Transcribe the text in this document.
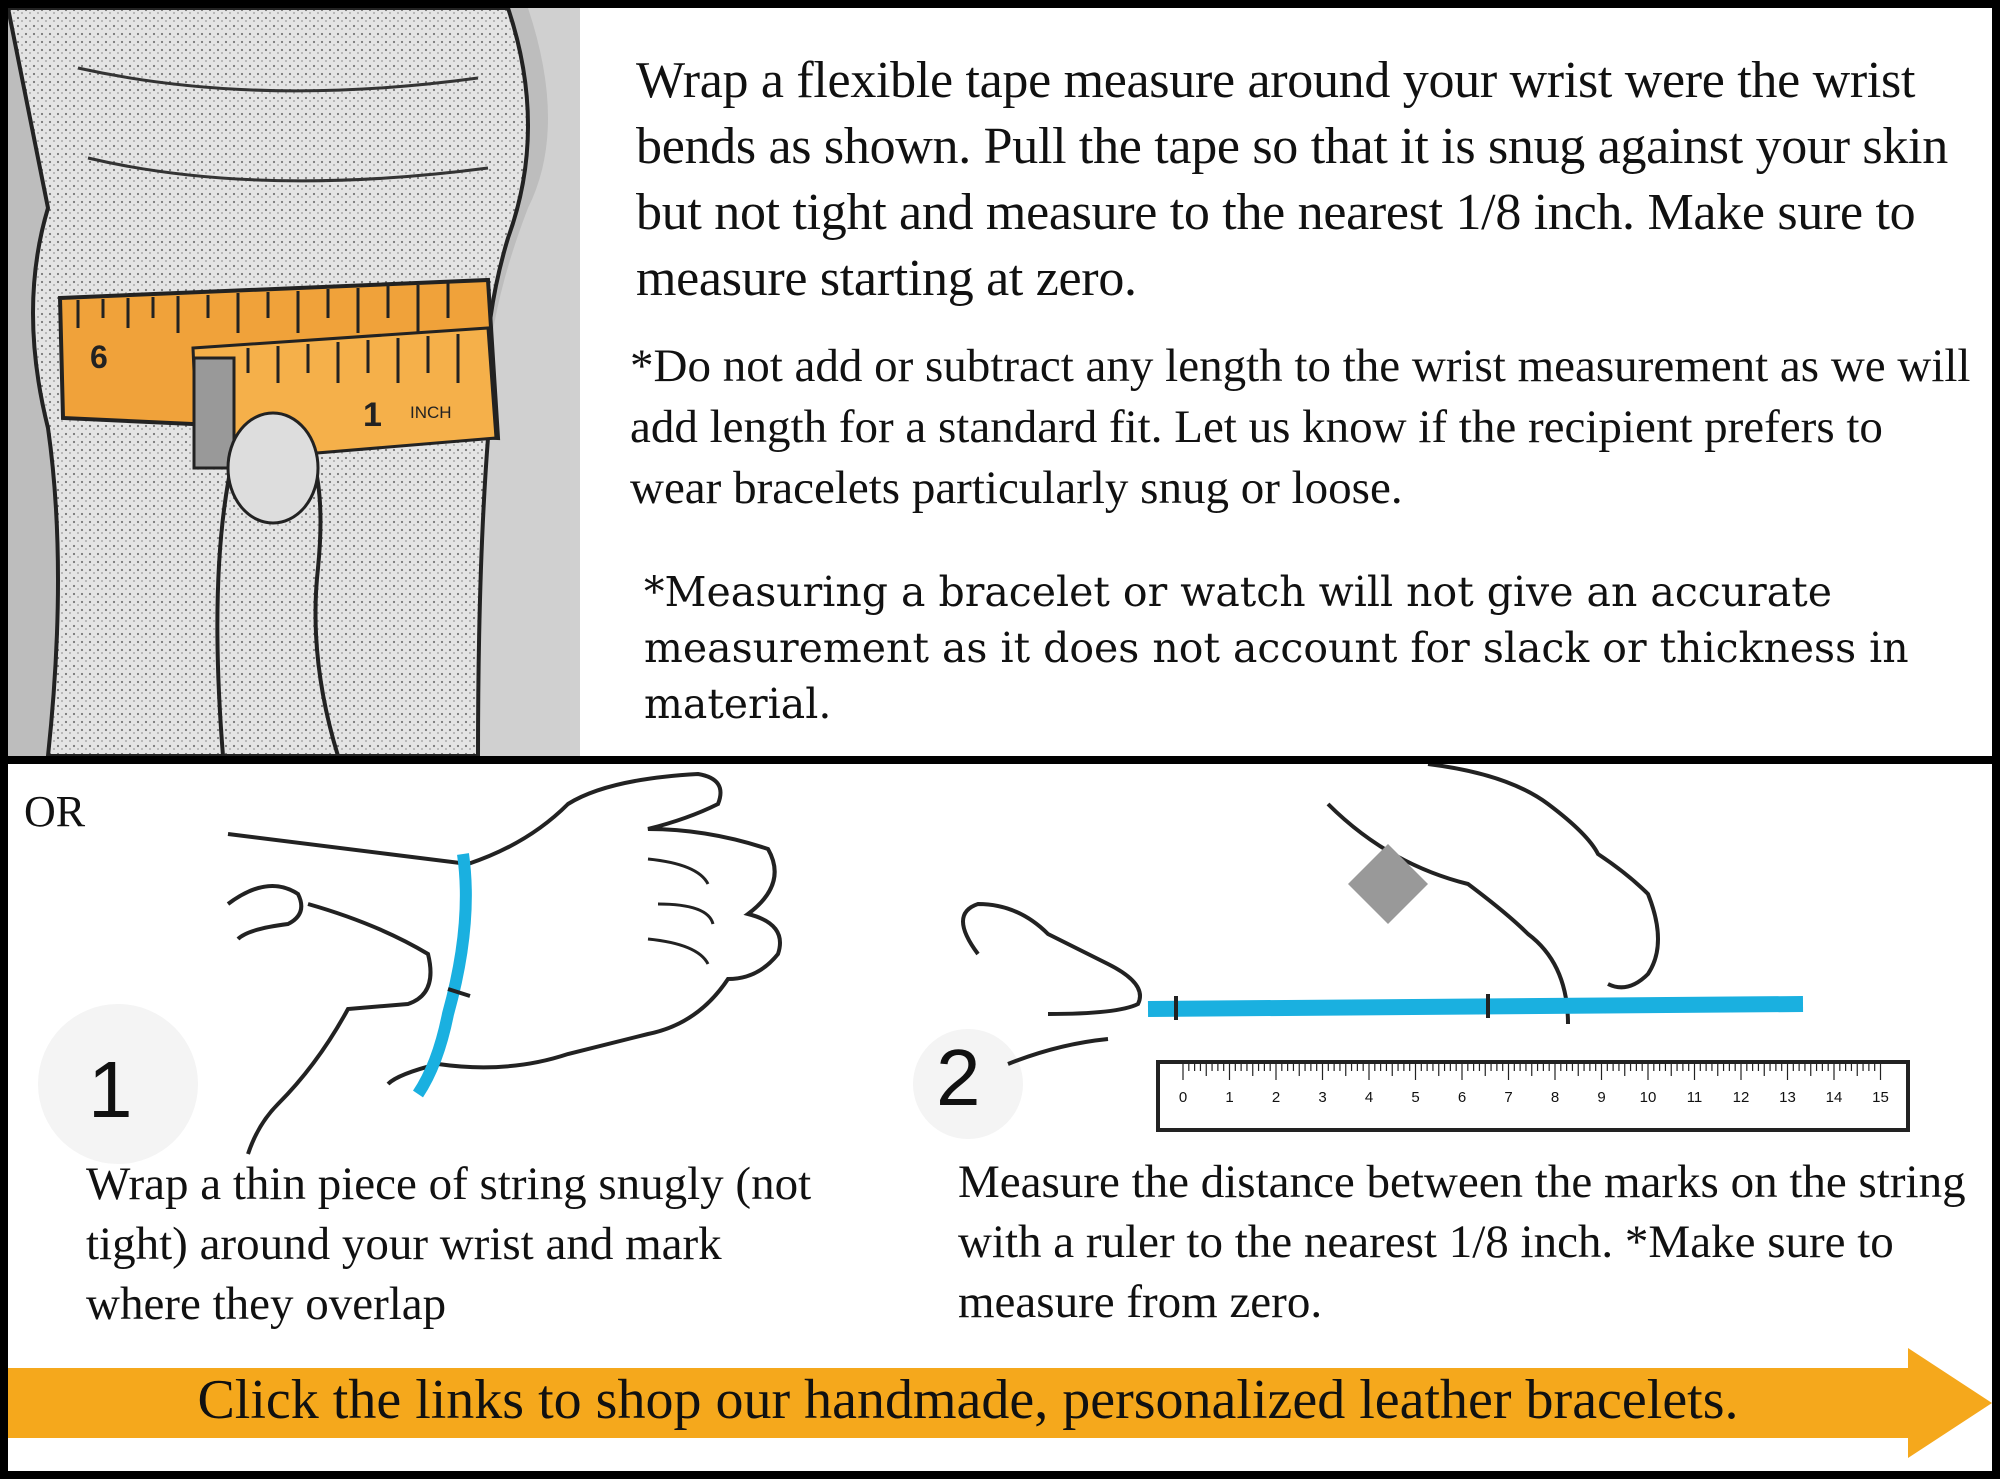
6
1 INCH
Wrap a flexible tape measure around your wrist were the wrist bends as shown. Pull the tape so that it is snug against your skin but not tight and measure to the nearest 1/8 inch. Make sure to measure starting at zero.
*Do not add or subtract any length to the wrist measurement as we will add length for a standard fit. Let us know if the recipient prefers to wear bracelets particularly snug or loose.
*Measuring a bracelet or watch will not give an accurate measurement as it does not account for slack or thickness in material.
OR
0	1	2	3	4	5	6	7	8	9 10 11 12 13 14 15
1	2
Wrap a thin piece of string snugly (not tight) around your wrist and mark where they overlap
Measure the distance between the marks on the string with a ruler to the nearest 1/8 inch. *Make sure to measure from zero.
Click the links to shop our handmade, personalized leather bracelets.
